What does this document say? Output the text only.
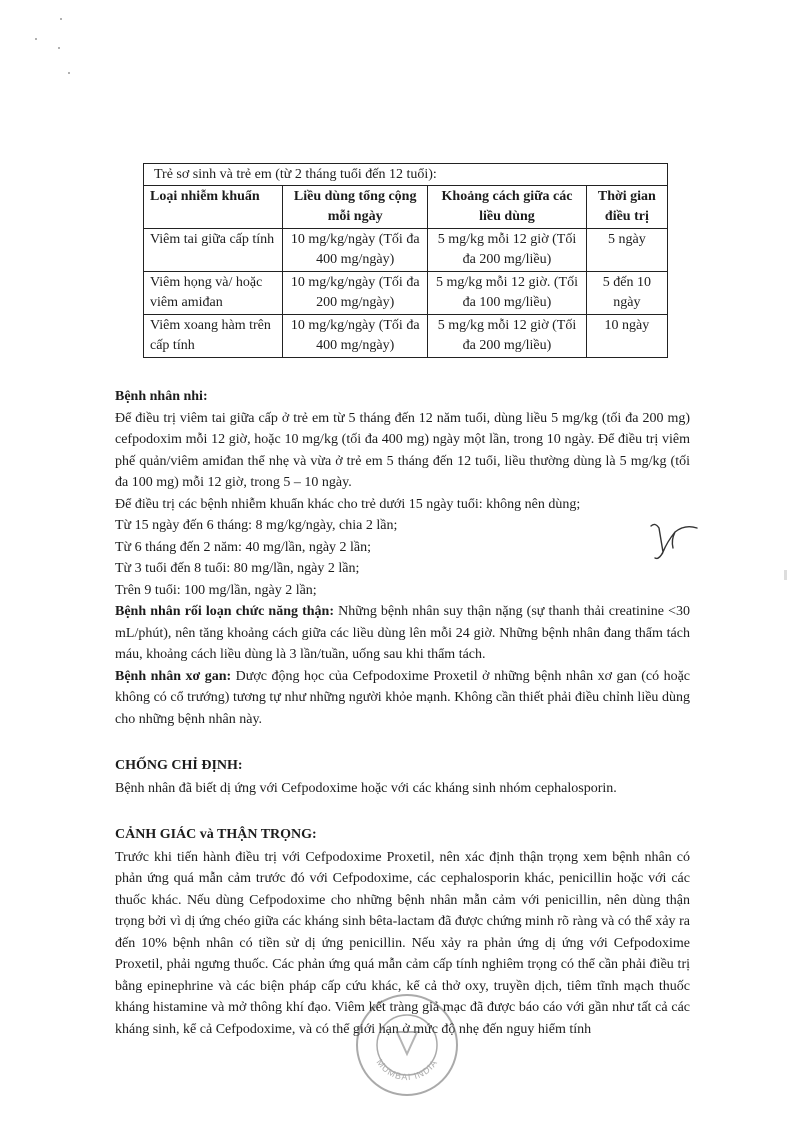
Trẻ sơ sinh và trẻ em (từ 2 tháng tuổi đến 12 tuổi):			
Loại nhiễm khuẩn	Liều dùng tổng cộng mỗi ngày	Khoảng cách giữa các liều dùng	Thời gian điều trị
Viêm tai giữa cấp tính	10 mg/kg/ngày (Tối đa 400 mg/ngày)	5 mg/kg mỗi 12 giờ (Tối đa 200 mg/liều)	5 ngày
Viêm họng và/ hoặc viêm amiđan	10 mg/kg/ngày (Tối đa 200 mg/ngày)	5 mg/kg mỗi 12 giờ. (Tối đa 100 mg/liều)	5 đến 10 ngày
Viêm xoang hàm trên cấp tính	10 mg/kg/ngày (Tối đa 400 mg/ngày)	5 mg/kg mỗi 12 giờ (Tối đa 200 mg/liều)	10 ngày

Bệnh nhân nhi:

Để điều trị viêm tai giữa cấp ở trẻ em từ 5 tháng đến 12 năm tuổi, dùng liều 5 mg/kg (tối đa 200 mg) cefpodoxim mỗi 12 giờ, hoặc 10 mg/kg (tối đa 400 mg) ngày một lần, trong 10 ngày. Để điều trị viêm phế quản/viêm amiđan thể nhẹ và vừa ở trẻ em 5 tháng đến 12 tuổi, liều thường dùng là 5 mg/kg (tối đa 100 mg) mỗi 12 giờ, trong 5 – 10 ngày.

Để điều trị các bệnh nhiễm khuẩn khác cho trẻ dưới 15 ngày tuổi: không nên dùng;

Từ 15 ngày đến 6 tháng: 8 mg/kg/ngày, chia 2 lần;

Từ 6 tháng đến 2 năm: 40 mg/lần, ngày 2 lần;

Từ 3 tuổi đến 8 tuổi: 80 mg/lần, ngày 2 lần;

Trên 9 tuổi: 100 mg/lần, ngày 2 lần;

Bệnh nhân rối loạn chức năng thận: Những bệnh nhân suy thận nặng (sự thanh thải creatinine <30 mL/phút), nên tăng khoảng cách giữa các liều dùng lên mỗi 24 giờ. Những bệnh nhân đang thẩm tách máu, khoảng cách liều dùng là 3 lần/tuần, uống sau khi thẩm tách.

Bệnh nhân xơ gan: Dược động học của Cefpodoxime Proxetil ở những bệnh nhân xơ gan (có hoặc không có cổ trướng) tương tự như những người khỏe mạnh. Không cần thiết phải điều chỉnh liều dùng cho những bệnh nhân này.

CHỐNG CHỈ ĐỊNH:

Bệnh nhân đã biết dị ứng với Cefpodoxime hoặc với các kháng sinh nhóm cephalosporin.

CẢNH GIÁC và THẬN TRỌNG:

Trước khi tiến hành điều trị với Cefpodoxime Proxetil, nên xác định thận trọng xem bệnh nhân có phản ứng quá mẫn cảm trước đó với Cefpodoxime, các cephalosporin khác, penicillin hoặc với các thuốc khác. Nếu dùng Cefpodoxime cho những bệnh nhân mẫn cảm với penicillin, nên dùng thận trọng bởi vì dị ứng chéo giữa các kháng sinh bêta-lactam đã được chứng minh rõ ràng và có thể xảy ra đến 10% bệnh nhân có tiền sử dị ứng penicillin. Nếu xảy ra phản ứng dị ứng với Cefpodoxime Proxetil, phải ngưng thuốc. Các phản ứng quá mẫn cảm cấp tính nghiêm trọng có thể cần phải điều trị bằng epinephrine và các biện pháp cấp cứu khác, kể cả thở oxy, truyền dịch, tiêm tĩnh mạch thuốc kháng histamine và mở thông khí đạo. Viêm kết tràng giả mạc đã được báo cáo với gần như tất cả các kháng sinh, kể cả Cefpodoxime, và có thể giới hạn ở mức độ nhẹ đến nguy hiểm tính

MUMBAI INDIA
